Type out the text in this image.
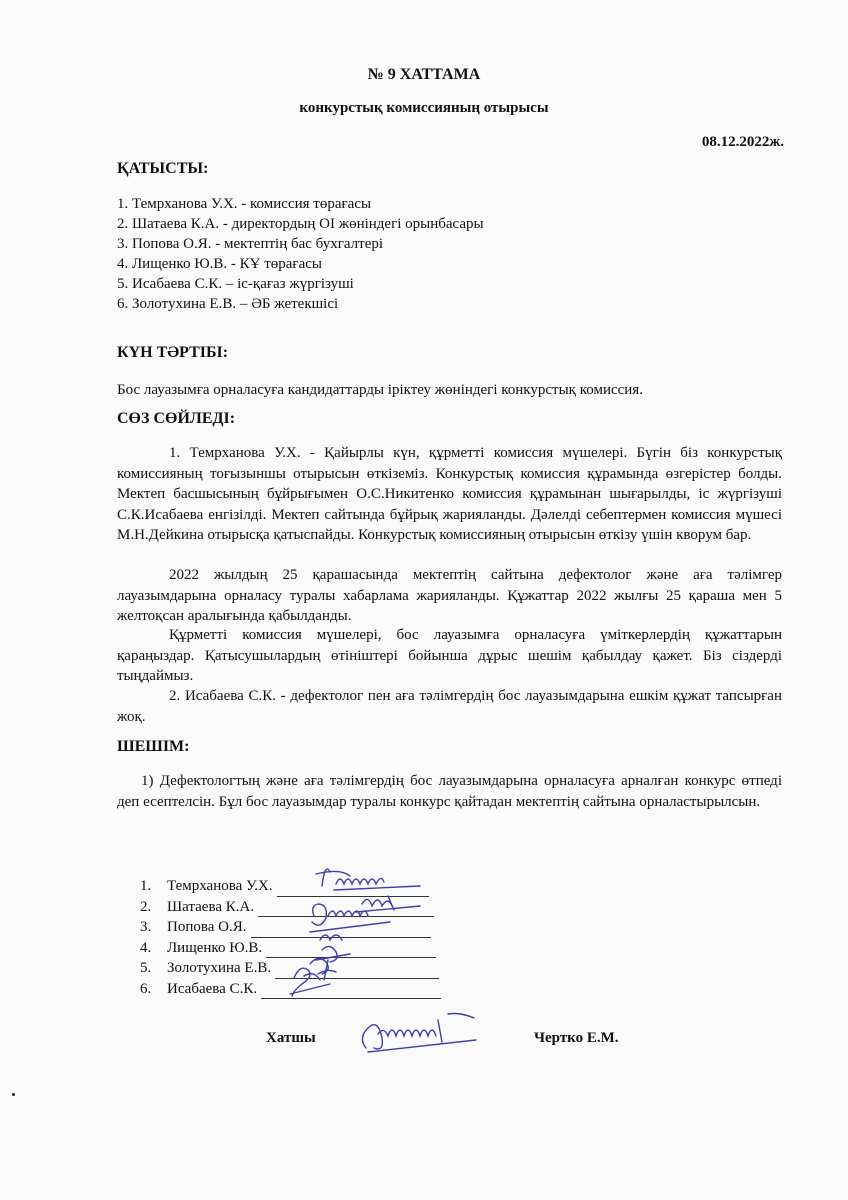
№ 9 ХАТТАМА
конкурстық комиссияның отырысы
08.12.2022ж.
ҚАТЫСТЫ:
1. Темрханова У.Х. - комиссия төрағасы
2. Шатаева К.А. - директордың ОІ жөніндегі орынбасары
3. Попова О.Я. - мектептің бас бухгалтері
4. Лищенко Ю.В. - КҰ төрағасы
5. Исабаева С.К. – іс-қағаз жүргізуші
6. Золотухина Е.В. – ӘБ жетекшісі
КҮН ТӘРТІБІ:

Бос лауазымға орналасуға кандидаттарды іріктеу жөніндегі конкурстық комиссия.

СӨЗ СӨЙЛЕДІ:

1. Темрханова У.Х. - Қайырлы күн, құрметті комиссия мүшелері. Бүгін біз конкурстық комиссияның тоғызыншы отырысын өткіземіз. Конкурстық комиссия құрамында өзгерістер болды. Мектеп басшысының бұйрығымен О.С.Никитенко комиссия құрамынан шығарылды, іс жүргізуші С.К.Исабаева енгізілді. Мектеп сайтында бұйрық жарияланды. Дәлелді себептермен комиссия мүшесі М.Н.Дейкина отырысқа қатыспайды. Конкурстық комиссияның отырысын өткізу үшін кворум бар.

2022 жылдың 25 қарашасында мектептің сайтына дефектолог және аға тәлімгер лауазымдарына орналасу туралы хабарлама жарияланды. Құжаттар 2022 жылғы 25 қараша мен 5 желтоқсан аралығында қабылданды.

Құрметті комиссия мүшелері, бос лауазымға орналасуға үміткерлердің құжаттарын қараңыздар. Қатысушылардың өтініштері бойынша дұрыс шешім қабылдау қажет. Біз сіздерді тыңдаймыз.

2. Исабаева С.К. - дефектолог пен аға тәлімгердің бос лауазымдарына ешкім құжат тапсырған жоқ.

ШЕШІМ:

1) Дефектологтың және аға тәлімгердің бос лауазымдарына орналасуға арналған конкурс өтпеді деп есептелсін. Бұл бос лауазымдар туралы конкурс қайтадан мектептің сайтына орналастырылсын.

1.	Темрханова У.Х.
2.	Шатаева К.А.
3.	Попова О.Я.
4.	Лищенко Ю.В.
5.	Золотухина Е.В.
6.	Исабаева С.К.
Хатшы	Чертко Е.М.
